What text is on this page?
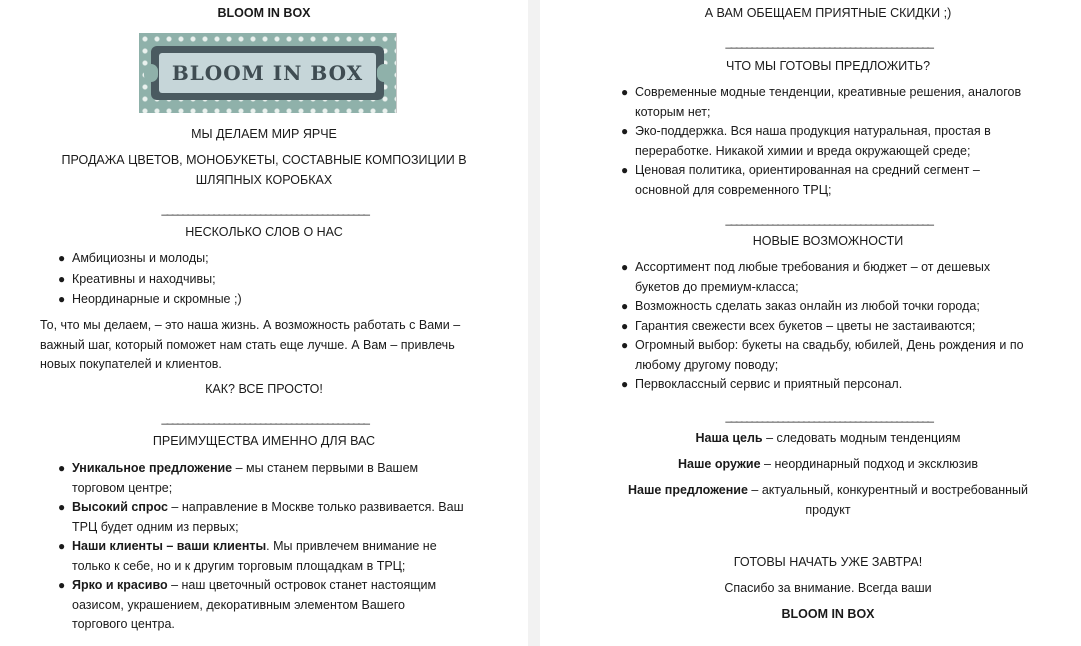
BLOOM IN BOX
BLOOM IN BOX
МЫ ДЕЛАЕМ МИР ЯРЧЕ
ПРОДАЖА ЦВЕТОВ, МОНОБУКЕТЫ, СОСТАВНЫЕ КОМПОЗИЦИИ В
ШЛЯПНЫХ КОРОБКАХ
________________________________________
НЕСКОЛЬКО СЛОВ О НАС
● Амбициозны и молоды;
● Креативны и находчивы;
● Неординарные и скромные ;)

То, что мы делаем, – это наша жизнь. А возможность работать с Вами –

важный шаг, который поможет нам стать еще лучше. А Вам – привлечь

новых покупателей и клиентов.

КАК? ВСЕ ПРОСТО!
________________________________________
ПРЕИМУЩЕСТВА ИМЕННО ДЛЯ ВАС
● Уникальное предложение – мы станем первыми в Вашем
торговом центре;
● Высокий спрос – направление в Москве только развивается. Ваш
ТРЦ будет одним из первых;
● Наши клиенты – ваши клиенты. Мы привлечем внимание не
только к себе, но и к другим торговым площадкам в ТРЦ;
● Ярко и красиво – наш цветочный островок станет настоящим
оазисом, украшением, декоративным элементом Вашего
торгового центра.
А ВАМ ОБЕЩАЕМ ПРИЯТНЫЕ СКИДКИ ;)
________________________________________
ЧТО МЫ ГОТОВЫ ПРЕДЛОЖИТЬ?
● Современные модные тенденции, креативные решения, аналогов
которым нет;
● Эко-поддержка. Вся наша продукция натуральная, простая в
переработке. Никакой химии и вреда окружающей среде;
● Ценовая политика, ориентированная на средний сегмент –
основной для современного ТРЦ;
________________________________________
НОВЫЕ ВОЗМОЖНОСТИ
● Ассортимент под любые требования и бюджет – от дешевых
букетов до премиум-класса;
● Возможность сделать заказ онлайн из любой точки города;
● Гарантия свежести всех букетов – цветы не застаиваются;
● Огромный выбор: букеты на свадьбу, юбилей, День рождения и по
любому другому поводу;
● Первоклассный сервис и приятный персонал.
________________________________________
Наша цель – следовать модным тенденциям
Наше оружие – неординарный подход и эксклюзив
Наше предложение – актуальный, конкурентный и востребованный
продукт
ГОТОВЫ НАЧАТЬ УЖЕ ЗАВТРА!
Спасибо за внимание. Всегда ваши
BLOOM IN BOX
